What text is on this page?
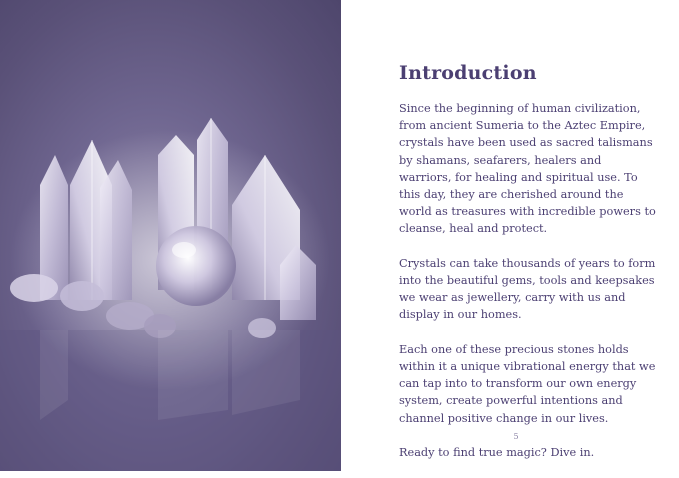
Introduction

Since the beginning of human civilization, from ancient Sumeria to the Aztec Empire, crystals have been used as sacred talismans by shamans, seafarers, healers and warriors, for healing and spiritual use. To this day, they are cherished around the world as treasures with incredible powers to cleanse, heal and protect.

Crystals can take thousands of years to form into the beautiful gems, tools and keepsakes we wear as jewellery, carry with us and display in our homes.

Each one of these precious stones holds within it a unique vibrational energy that we can tap into to transform our own energy system, create powerful intentions and channel positive change in our lives.

Ready to find true magic? Dive in.

5
